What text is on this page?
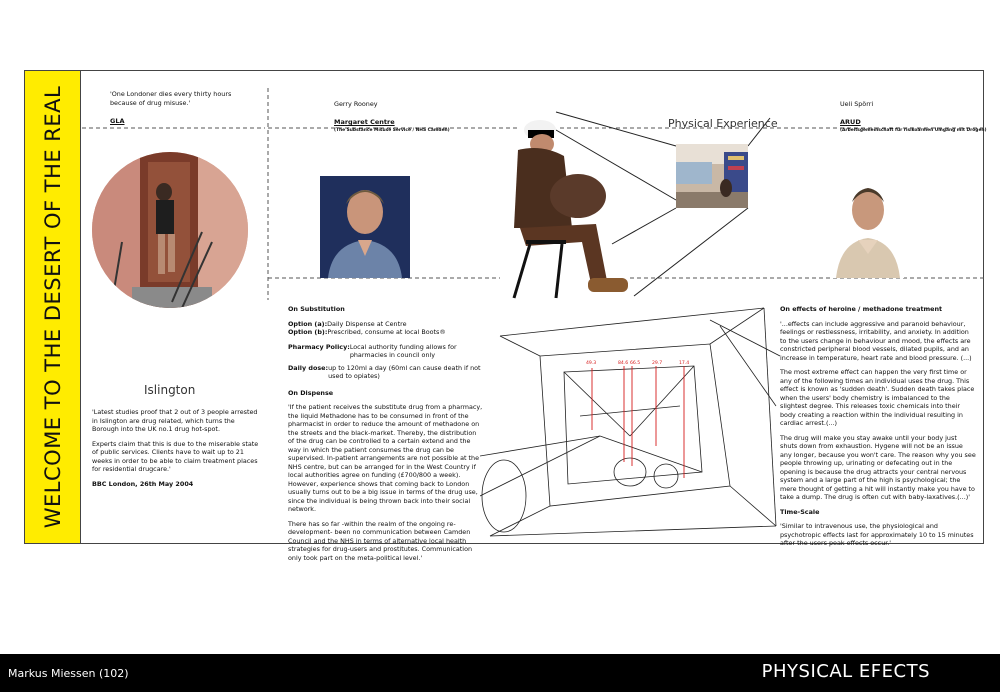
WELCOME TO THE DESERT OF THE REAL	'One Londoner dies every thirty hours because of drug misuse.'
GLA
Gerry Rooney
Margaret Centre
(The Substance Misuse Service / NHS Camden)
Physical Experience
Ueli Spörri
ARUD
(Arbeitsgemeinschaft für risikoarmen Umgang mit Drogen)
Islington

'Latest studies proof that 2 out of 3 people arrested in Islington are drug related, which turns the Borough into the UK no.1 drug hot-spot.

Experts claim that this is due to the miserable state of public services. Clients have to wait up to 21 weeks in order to be able to claim treatment places for residential drugcare.'

BBC London, 26th May 2004

On Substitution

Option (a): Daily Dispense at Centre
Option (b): Prescribed, consume at local Boots®
Pharmacy Policy: Local authority funding allows for pharmacies in council only
Daily dose: up to 120ml a day (60ml can cause death if not used to opiates)

On Dispense

'If the patient receives the substitute drug from a pharmacy, the liquid Methadone has to be consumed in front of the pharmacist in order to reduce the amount of methadone on the streets and the black-market. Thereby, the distribution of the drug can be controlled to a certain extend and the way in which the patient consumes the drug can be supervised. In-patient arrangements are not possible at the NHS centre, but can be arranged for in the West Country if local authorities agree on funding (£700/800 a week). However, experience shows that coming back to London usually turns out to be a big issue in terms of the drug use, since the individual is being thrown back into their social network.

There has so far -within the realm of the ongoing re-development- been no communication between Camden Council and the NHS in terms of alternative local health strategies for drug-users and prostitutes. Communication only took part on the meta-political level.'

49.3	84.6 66.5	29.7	17.4

On effects of heroine / methadone treatment

'...effects can include aggressive and paranoid behaviour, feelings or restlessness, irritability, and anxiety. In addition to the users change in behaviour and mood, the effects are constricted peripheral blood vessels, dilated pupils, and an increase in temperature, heart rate and blood pressure. (...)

The most extreme effect can happen the very first time or any of the following times an individual uses the drug. This effect is known as 'sudden death'. Sudden death takes place when the users' body chemistry is imbalanced to the slightest degree. This releases toxic chemicals into their body creating a reaction within the individual resulting in cardiac arrest.(...)

The drug will make you stay awake until your body just shuts down from exhaustion. Hygene will not be an issue any longer, because you won't care. The reason why you see people throwing up, urinating or defecating out in the opening is because the drug attracts your central nervous system and a large part of the high is psychological; the mere thought of getting a hit will instantly make you have to take a dump. The drug is often cut with baby-laxatives.(...)'

Time-Scale

'Similar to intravenous use, the physiological and psychotropic effects last for approximately 10 to 15 minutes after the users peak effects occur.'

Markus Miessen (102)	PHYSICAL EFECTS
